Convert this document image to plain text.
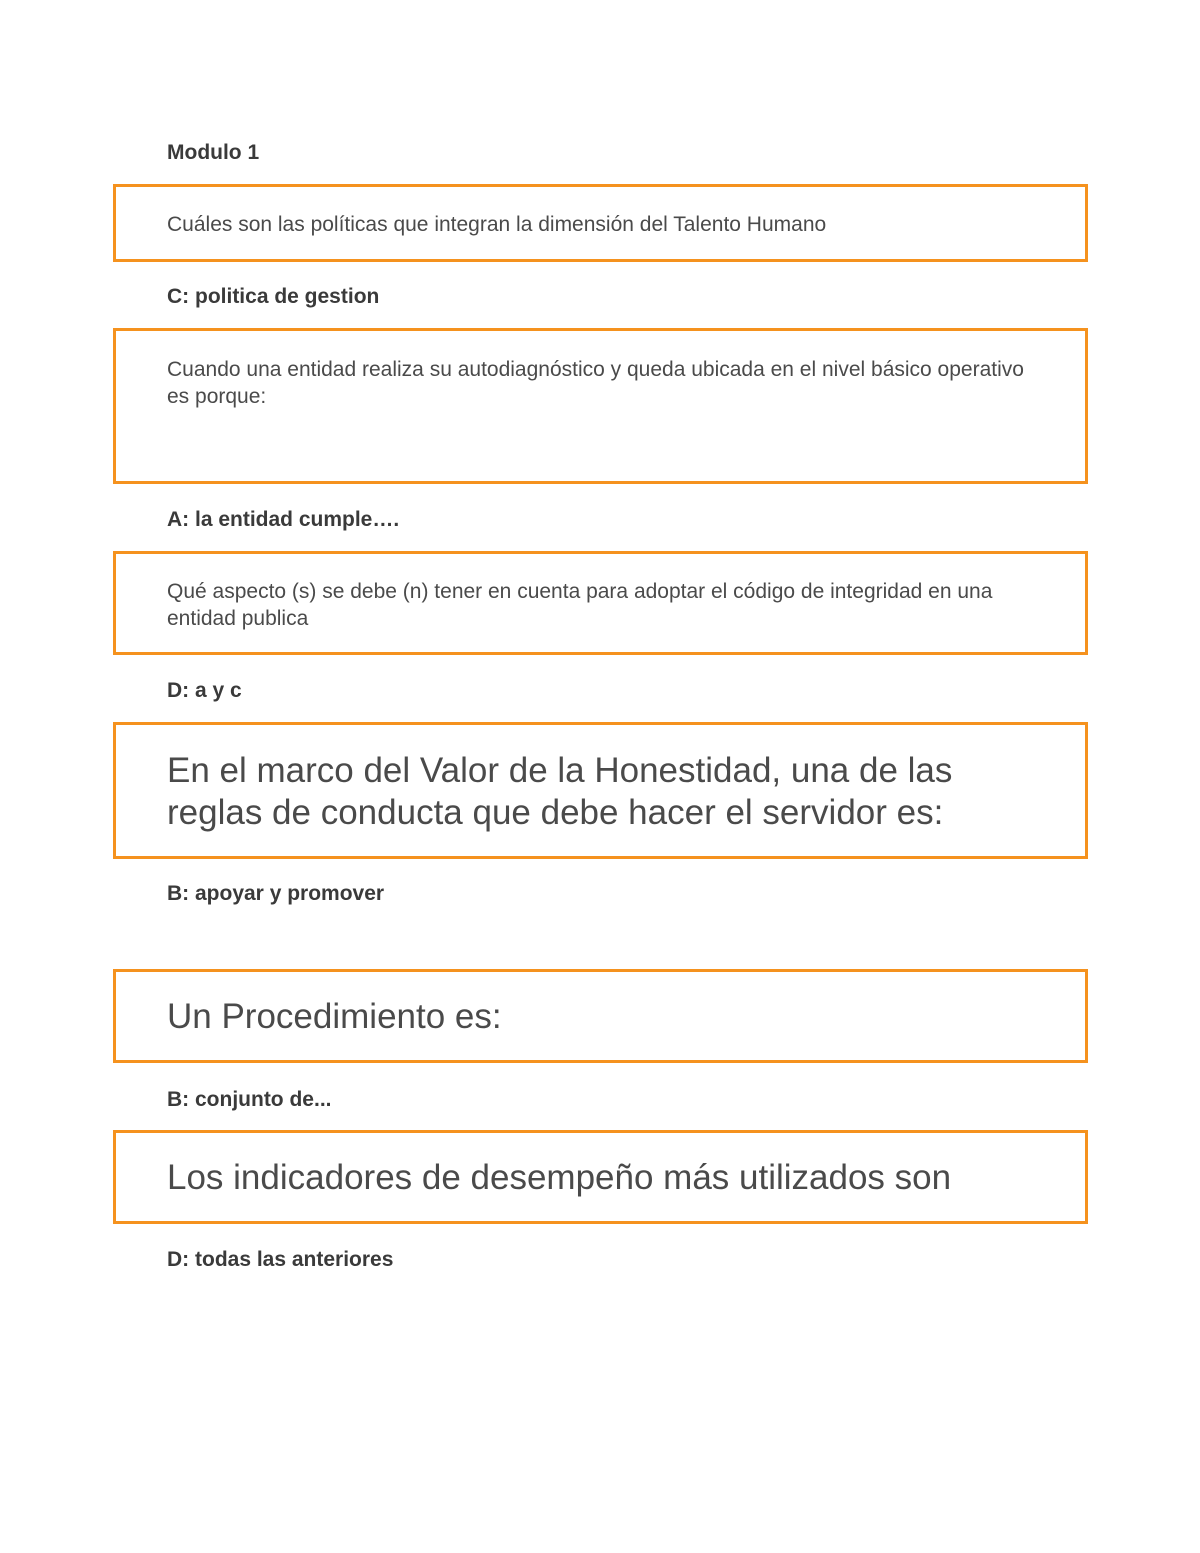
Modulo 1
Cuáles son las políticas que integran la dimensión del Talento Humano
C: politica de gestion
Cuando una entidad realiza su autodiagnóstico y queda ubicada en el nivel básico operativo es porque:
A: la entidad cumple….
Qué aspecto (s) se debe (n) tener en cuenta para adoptar el código de integridad en una entidad publica
D: a y c
En el marco del Valor de la Honestidad, una de las reglas de conducta que debe hacer el servidor es:
B: apoyar y promover
Un Procedimiento es:
B: conjunto de...
Los indicadores de desempeño más utilizados son
D: todas las anteriores
